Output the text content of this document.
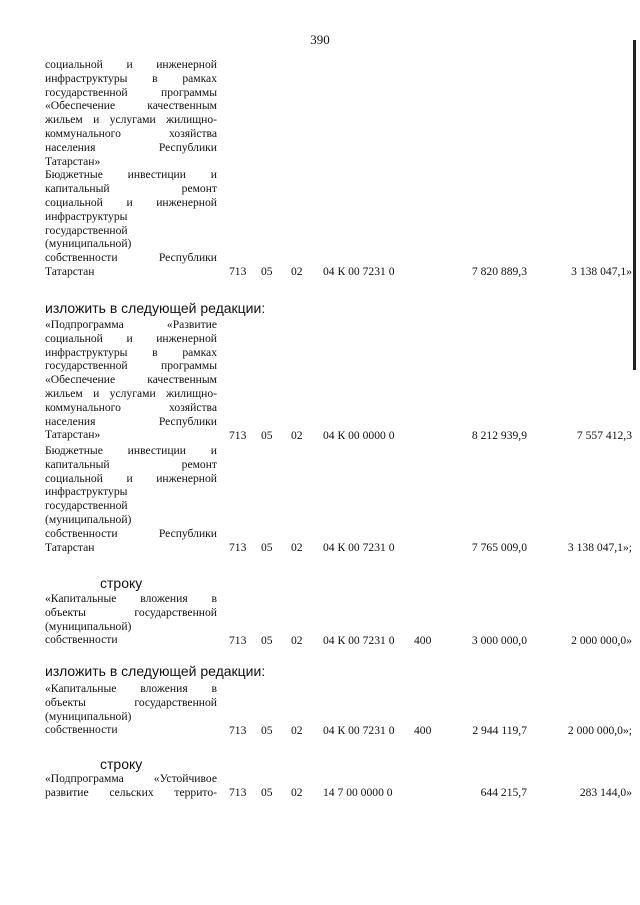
390
социальной и инженерной
инфраструктуры в рамках
государственной программы
«Обеспечение качественным
жильем и услугами жилищно-
коммунального хозяйства
населения Республики
Татарстан»
Бюджетные инвестиции и
капитальный ремонт
социальной и инженерной
инфраструктуры
государственной
(муниципальной)
собственности Республики
Татарстан	713 05 02 04 К 00 7231 0	7 820 889,3	3 138 047,1»
изложить в следующей редакции:
«Подпрограмма «Развитие
социальной и инженерной
инфраструктуры в рамках
государственной программы
«Обеспечение качественным
жильем и услугами жилищно-
коммунального хозяйства
населения Республики
Татарстан»	713 05 02 04 К 00 0000 0	8 212 939,9	7 557 412,3
Бюджетные инвестиции и
капитальный ремонт
социальной и инженерной
инфраструктуры
государственной
(муниципальной)
собственности Республики
Татарстан	713 05 02 04 К 00 7231 0	7 765 009,0	3 138 047,1»;
строку
«Капитальные вложения в
объекты государственной
(муниципальной)
собственности	713 05 02 04 К 00 7231 0 400	3 000 000,0	2 000 000,0»
изложить в следующей редакции:
«Капитальные вложения в
объекты государственной
(муниципальной)
собственности	713 05 02 04 К 00 7231 0 400	2 944 119,7	2 000 000,0»;
строку
«Подпрограмма «Устойчивое
развитие сельских террито- 713 05 02 14 7 00 0000 0	644 215,7	283 144,0»
